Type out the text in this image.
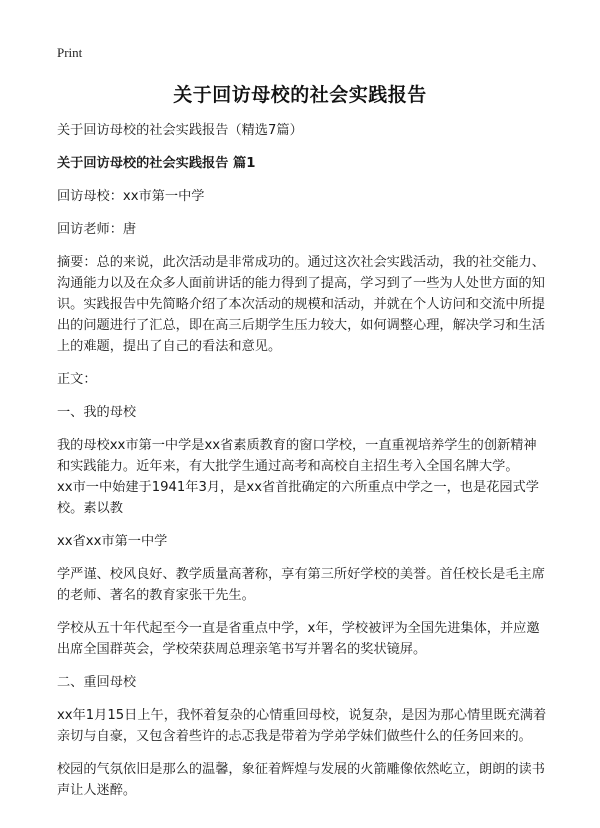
Print
关于回访母校的社会实践报告

关于回访母校的社会实践报告（精选7篇）

关于回访母校的社会实践报告 篇1

回访母校：xx市第一中学

回访老师：唐

摘要：总的来说，此次活动是非常成功的。通过这次社会实践活动，我的社交能力、沟通能力以及在众多人面前讲话的能力得到了提高，学习到了一些为人处世方面的知识。实践报告中先简略介绍了本次活动的规模和活动，并就在个人访问和交流中所提出的问题进行了汇总，即在高三后期学生压力较大，如何调整心理，解决学习和生活上的难题，提出了自己的看法和意见。

正文：

一、我的母校

我的母校xx市第一中学是xx省素质教育的窗口学校，一直重视培养学生的创新精神和实践能力。近年来，有大批学生通过高考和高校自主招生考入全国名牌大学。

xx市一中始建于1941年3月，是xx省首批确定的六所重点中学之一，也是花园式学校。素以教

xx省xx市第一中学

学严谨、校风良好、教学质量高著称，享有第三所好学校的美誉。首任校长是毛主席的老师、著名的教育家张干先生。

学校从五十年代起至今一直是省重点中学，x年，学校被评为全国先进集体，并应邀出席全国群英会，学校荣获周总理亲笔书写并署名的奖状镜屏。

二、重回母校

xx年1月15日上午，我怀着复杂的心情重回母校，说复杂，是因为那心情里既充满着亲切与自豪，又包含着些许的忐忑我是带着为学弟学妹们做些什么的任务回来的。

校园的气氛依旧是那么的温馨，象征着辉煌与发展的火箭雕像依然屹立，朗朗的读书声让人迷醉。
